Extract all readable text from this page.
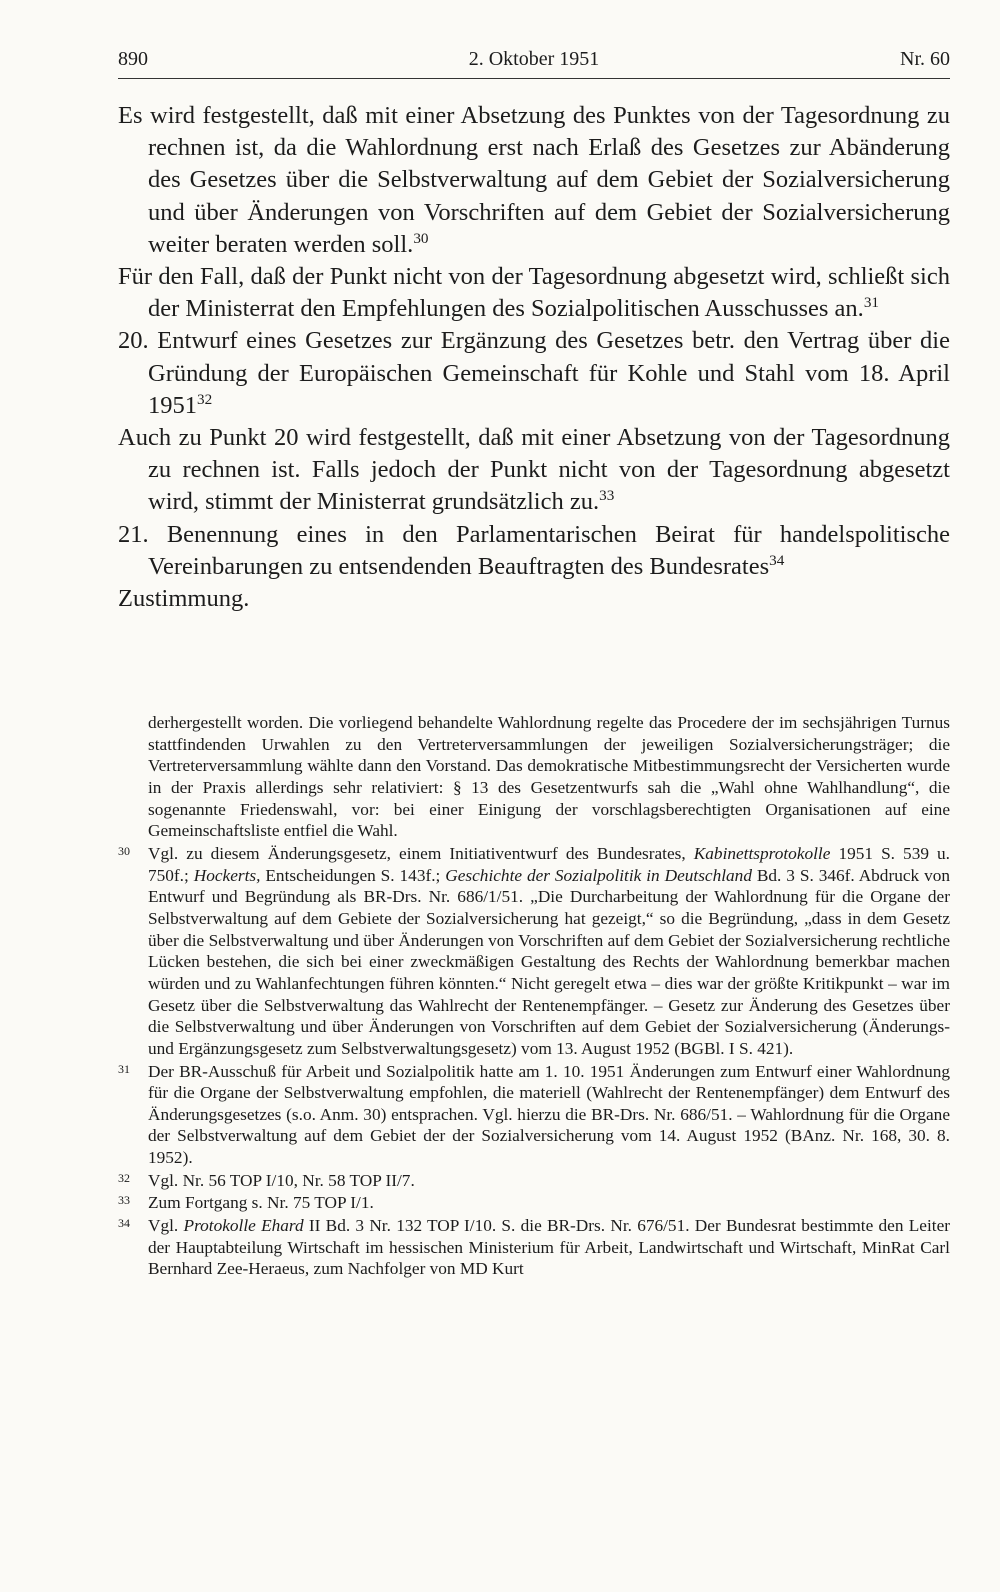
890	2. Oktober 1951	Nr. 60

Es wird festgestellt, daß mit einer Absetzung des Punktes von der Tagesordnung zu rechnen ist, da die Wahlordnung erst nach Erlaß des Gesetzes zur Abänderung des Gesetzes über die Selbstverwaltung auf dem Gebiet der Sozialversicherung und über Änderungen von Vorschriften auf dem Gebiet der Sozialversicherung weiter beraten werden soll.$^{30}$

Für den Fall, daß der Punkt nicht von der Tagesordnung abgesetzt wird, schließt sich der Ministerrat den Empfehlungen des Sozialpolitischen Ausschusses an.$^{31}$

20. Entwurf eines Gesetzes zur Ergänzung des Gesetzes betr. den Vertrag über die Gründung der Europäischen Gemeinschaft für Kohle und Stahl vom 18. April 1951$^{32}$

Auch zu Punkt 20 wird festgestellt, daß mit einer Absetzung von der Tagesordnung zu rechnen ist. Falls jedoch der Punkt nicht von der Tagesordnung abgesetzt wird, stimmt der Ministerrat grundsätzlich zu.$^{33}$

21. Benennung eines in den Parlamentarischen Beirat für handelspolitische Vereinbarungen zu entsendenden Beauftragten des Bundesrates$^{34}$

Zustimmung.

derhergestellt worden. Die vorliegend behandelte Wahlordnung regelte das Procedere der im sechsjährigen Turnus stattfindenden Urwahlen zu den Vertreterversammlungen der jeweiligen Sozialversicherungsträger; die Vertreterversammlung wählte dann den Vorstand. Das demokratische Mitbestimmungsrecht der Versicherten wurde in der Praxis allerdings sehr relativiert: § 13 des Gesetzentwurfs sah die „Wahl ohne Wahlhandlung“, die sogenannte Friedenswahl, vor: bei einer Einigung der vorschlagsberechtigten Organisationen auf eine Gemeinschaftsliste entfiel die Wahl.

30 Vgl. zu diesem Änderungsgesetz, einem Initiativentwurf des Bundesrates, Kabinettsprotokolle 1951 S. 539 u. 750f.; Hockerts, Entscheidungen S. 143f.; Geschichte der Sozialpolitik in Deutschland Bd. 3 S. 346f. Abdruck von Entwurf und Begründung als BR-Drs. Nr. 686/1/51. „Die Durcharbeitung der Wahlordnung für die Organe der Selbstverwaltung auf dem Gebiete der Sozialversicherung hat gezeigt,“ so die Begründung, „dass in dem Gesetz über die Selbstverwaltung und über Änderungen von Vorschriften auf dem Gebiet der Sozialversicherung rechtliche Lücken bestehen, die sich bei einer zweckmäßigen Gestaltung des Rechts der Wahlordnung bemerkbar machen würden und zu Wahlanfechtungen führen könnten.“ Nicht geregelt etwa – dies war der größte Kritikpunkt – war im Gesetz über die Selbstverwaltung das Wahlrecht der Rentenempfänger. – Gesetz zur Änderung des Gesetzes über die Selbstverwaltung und über Änderungen von Vorschriften auf dem Gebiet der Sozialversicherung (Änderungs- und Ergänzungsgesetz zum Selbstverwaltungsgesetz) vom 13. August 1952 (BGBl. I S. 421).

31 Der BR-Ausschuß für Arbeit und Sozialpolitik hatte am 1. 10. 1951 Änderungen zum Entwurf einer Wahlordnung für die Organe der Selbstverwaltung empfohlen, die materiell (Wahlrecht der Rentenempfänger) dem Entwurf des Änderungsgesetzes (s.o. Anm. 30) entsprachen. Vgl. hierzu die BR-Drs. Nr. 686/51. – Wahlordnung für die Organe der Selbstverwaltung auf dem Gebiet der der Sozialversicherung vom 14. August 1952 (BAnz. Nr. 168, 30. 8. 1952).

32 Vgl. Nr. 56 TOP I/10, Nr. 58 TOP II/7.

33 Zum Fortgang s. Nr. 75 TOP I/1.

34 Vgl. Protokolle Ehard II Bd. 3 Nr. 132 TOP I/10. S. die BR-Drs. Nr. 676/51. Der Bundesrat bestimmte den Leiter der Hauptabteilung Wirtschaft im hessischen Ministerium für Arbeit, Landwirtschaft und Wirtschaft, MinRat Carl Bernhard Zee-Heraeus, zum Nachfolger von MD Kurt
